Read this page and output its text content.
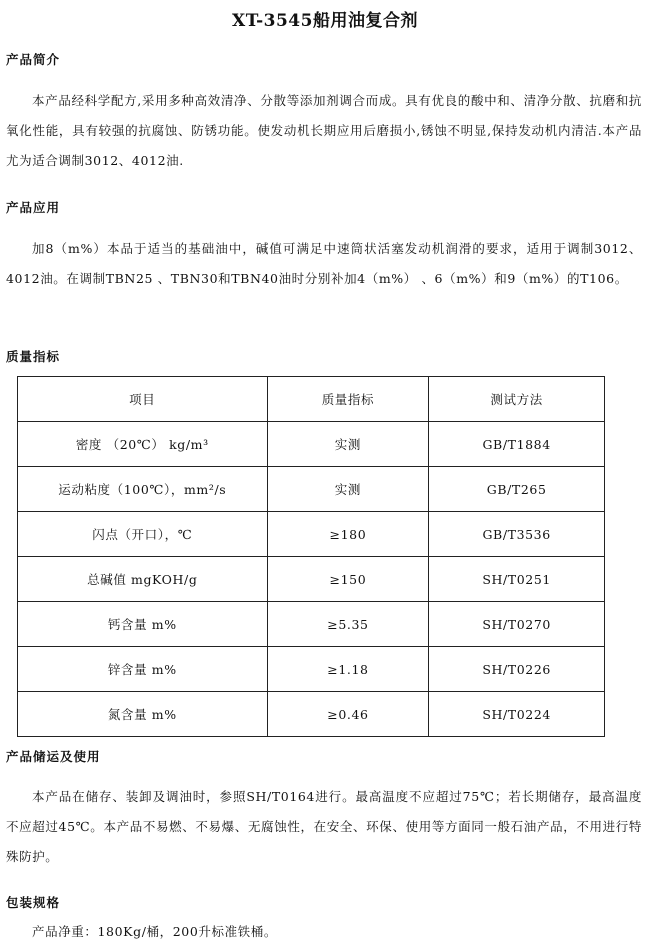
XT-3545船用油复合剂
产品简介

本产品经科学配方,采用多种高效清净、分散等添加剂调合而成。具有优良的酸中和、清净分散、抗磨和抗氧化性能，具有较强的抗腐蚀、防锈功能。使发动机长期应用后磨损小,锈蚀不明显,保持发动机内清洁.本产品尤为适合调制3012、4012油.

产品应用

加8（m%）本品于适当的基础油中，碱值可满足中速筒状活塞发动机润滑的要求，适用于调制3012、4012油。在调制TBN25 、TBN30和TBN40油时分别补加4（m%） 、6（m%）和9（m%）的T106。

质量指标
项目	质量指标	测试方法
密度 （20℃） kg/m³	实测	GB/T1884
运动粘度（100℃），mm²/s	实测	GB/T265
闪点（开口），℃	≥180	GB/T3536
总碱值 mgKOH/g	≥150	SH/T0251
钙含量 m%	≥5.35	SH/T0270
锌含量 m%	≥1.18	SH/T0226
氮含量 m%	≥0.46	SH/T0224
产品储运及使用

本产品在储存、装卸及调油时，参照SH/T0164进行。最高温度不应超过75℃；若长期储存，最高温度不应超过45℃。本产品不易燃、不易爆、无腐蚀性，在安全、环保、使用等方面同一般石油产品，不用进行特殊防护。

包装规格

产品净重：180Kg/桶，200升标准铁桶。
